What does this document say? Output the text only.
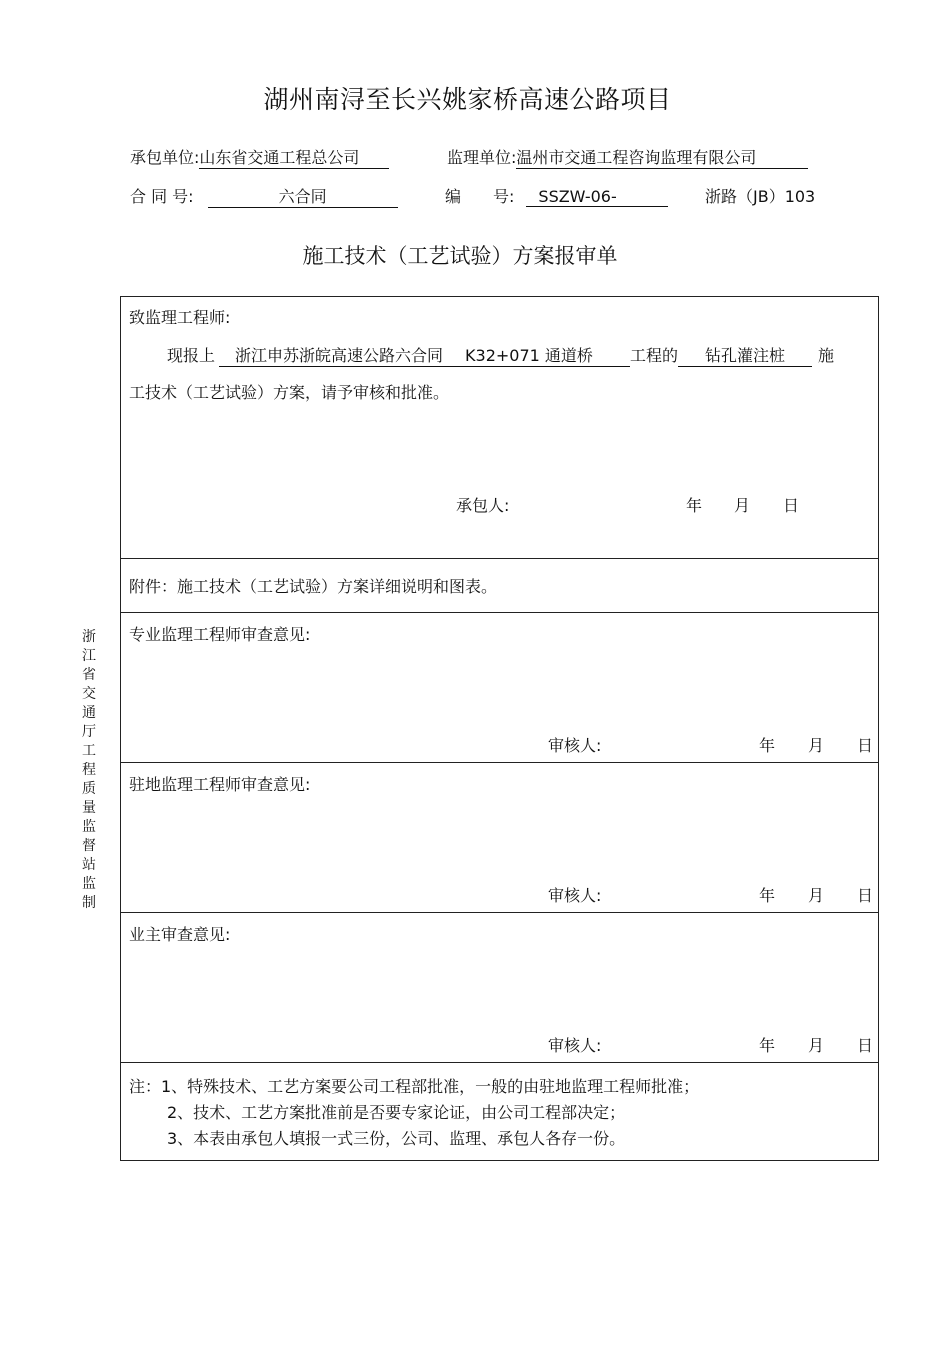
湖州南浔至长兴姚家桥高速公路项目
承包单位:山东省交通工程总公司	监理单位:温州市交通工程咨询监理有限公司
合 同 号:	六合同	编　　号: SSZW-06-	浙路（JB）103
施工技术（工艺试验）方案报审单
浙
江
省
交
通
厅
工
程
质
量
监
督
站
监
制
致监理工程师:
现报上 浙江申苏浙皖高速公路六合同 K32+071 通道桥 工程的 钻孔灌注桩 施
工技术（工艺试验）方案，请予审核和批准。
承包人:	年 月 日
附件：施工技术（工艺试验）方案详细说明和图表。
专业监理工程师审查意见:
审核人:	年 月 日
驻地监理工程师审查意见:
审核人:	年 月 日
业主审查意见:
审核人:	年 月 日
注：1、特殊技术、工艺方案要公司工程部批准，一般的由驻地监理工程师批准；
2、技术、工艺方案批准前是否要专家论证，由公司工程部决定；
3、本表由承包人填报一式三份，公司、监理、承包人各存一份。
